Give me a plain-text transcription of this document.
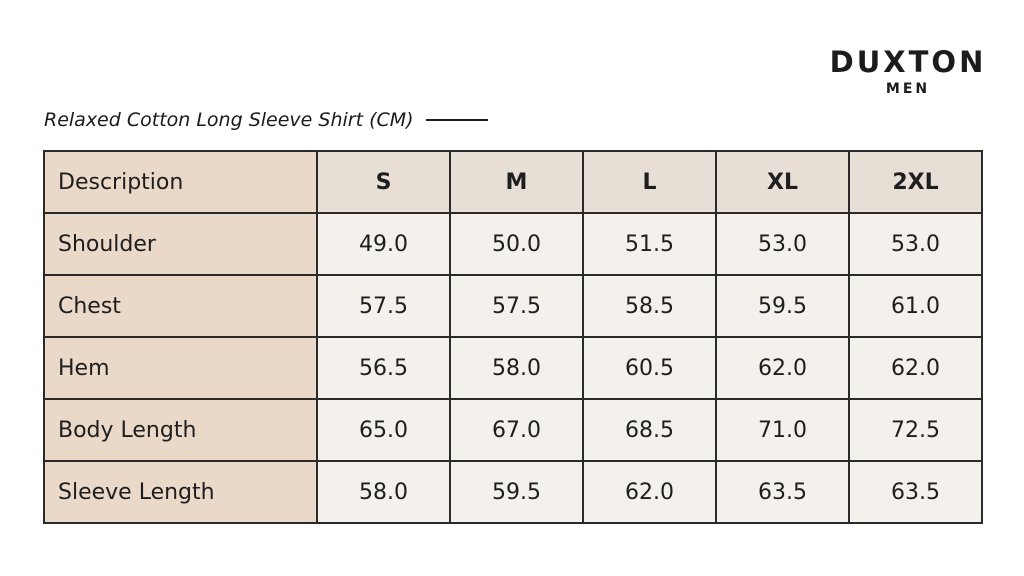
DUXTON
MEN
Relaxed Cotton Long Sleeve Shirt (CM)
Description	S	M	L	XL	2XL
Shoulder	49.0	50.0	51.5	53.0	53.0
Chest	57.5	57.5	58.5	59.5	61.0
Hem	56.5	58.0	60.5	62.0	62.0
Body Length	65.0	67.0	68.5	71.0	72.5
Sleeve Length	58.0	59.5	62.0	63.5	63.5
